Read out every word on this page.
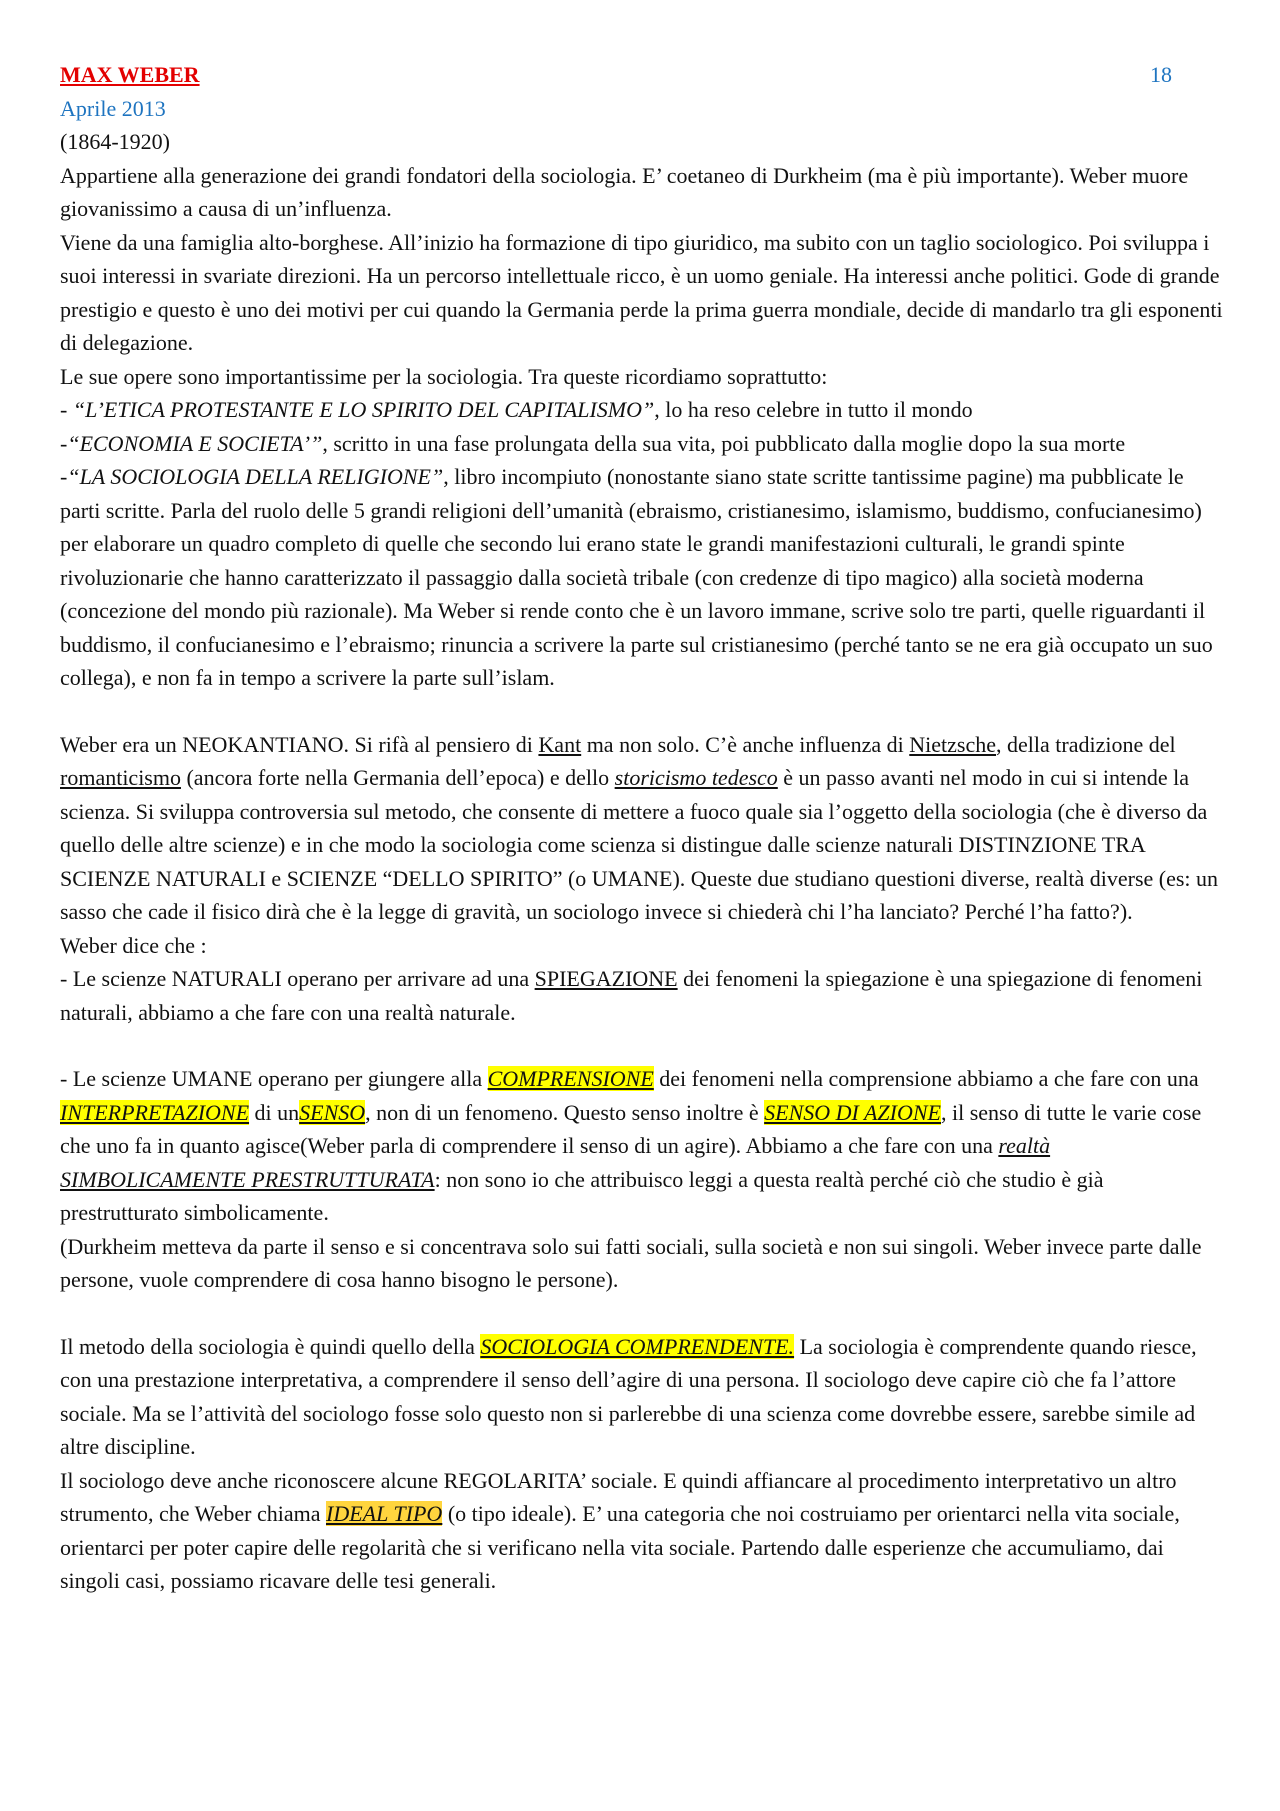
18

MAX WEBER

Aprile 2013

(1864-1920)

Appartiene alla generazione dei grandi fondatori della sociologia. E’ coetaneo di Durkheim (ma è più importante). Weber muore giovanissimo a causa di un’influenza.

Viene da una famiglia alto-borghese. All’inizio ha formazione di tipo giuridico, ma subito con un taglio sociologico. Poi sviluppa i suoi interessi in svariate direzioni. Ha un percorso intellettuale ricco, è un uomo geniale. Ha interessi anche politici. Gode di grande prestigio e questo è uno dei motivi per cui quando la Germania perde la prima guerra mondiale, decide di mandarlo tra gli esponenti di delegazione.

Le sue opere sono importantissime per la sociologia. Tra queste ricordiamo soprattutto:

- “L’ETICA PROTESTANTE E LO SPIRITO DEL CAPITALISMO”, lo ha reso celebre in tutto il mondo

-“ECONOMIA E SOCIETA’”, scritto in una fase prolungata della sua vita, poi pubblicato dalla moglie dopo la sua morte

-“LA SOCIOLOGIA DELLA RELIGIONE”, libro incompiuto (nonostante siano state scritte tantissime pagine) ma pubblicate le parti scritte. Parla del ruolo delle 5 grandi religioni dell’umanità (ebraismo, cristianesimo, islamismo, buddismo, confucianesimo) per elaborare un quadro completo di quelle che secondo lui erano state le grandi manifestazioni culturali, le grandi spinte rivoluzionarie che hanno caratterizzato il passaggio dalla società tribale (con credenze di tipo magico) alla società moderna (concezione del mondo più razionale). Ma Weber si rende conto che è un lavoro immane, scrive solo tre parti, quelle riguardanti il buddismo, il confucianesimo e l’ebraismo; rinuncia a scrivere la parte sul cristianesimo (perché tanto se ne era già occupato un suo collega), e non fa in tempo a scrivere la parte sull’islam.

Weber era un NEOKANTIANO. Si rifà al pensiero di Kant ma non solo. C’è anche influenza di Nietzsche, della tradizione del romanticismo (ancora forte nella Germania dell’epoca) e dello storicismo tedesco è un passo avanti nel modo in cui si intende la scienza. Si sviluppa controversia sul metodo, che consente di mettere a fuoco quale sia l’oggetto della sociologia (che è diverso da quello delle altre scienze) e in che modo la sociologia come scienza si distingue dalle scienze naturali DISTINZIONE TRA SCIENZE NATURALI e SCIENZE “DELLO SPIRITO” (o UMANE). Queste due studiano questioni diverse, realtà diverse (es: un sasso che cade il fisico dirà che è la legge di gravità, un sociologo invece si chiederà chi l’ha lanciato? Perché l’ha fatto?).

Weber dice che :

- Le scienze NATURALI operano per arrivare ad una SPIEGAZIONE dei fenomeni la spiegazione è una spiegazione di fenomeni naturali, abbiamo a che fare con una realtà naturale.

- Le scienze UMANE operano per giungere alla COMPRENSIONE dei fenomeni nella comprensione abbiamo a che fare con una INTERPRETAZIONE di unSENSO, non di un fenomeno. Questo senso inoltre è SENSO DI AZIONE, il senso di tutte le varie cose che uno fa in quanto agisce(Weber parla di comprendere il senso di un agire). Abbiamo a che fare con una realtà SIMBOLICAMENTE PRESTRUTTURATA: non sono io che attribuisco leggi a questa realtà perché ciò che studio è già prestrutturato simbolicamente.

(Durkheim metteva da parte il senso e si concentrava solo sui fatti sociali, sulla società e non sui singoli. Weber invece parte dalle persone, vuole comprendere di cosa hanno bisogno le persone).

Il metodo della sociologia è quindi quello della SOCIOLOGIA COMPRENDENTE. La sociologia è comprendente quando riesce, con una prestazione interpretativa, a comprendere il senso dell’agire di una persona. Il sociologo deve capire ciò che fa l’attore sociale. Ma se l’attività del sociologo fosse solo questo non si parlerebbe di una scienza come dovrebbe essere, sarebbe simile ad altre discipline.

Il sociologo deve anche riconoscere alcune REGOLARITA’ sociale. E quindi affiancare al procedimento interpretativo un altro strumento, che Weber chiama IDEAL TIPO (o tipo ideale). E’ una categoria che noi costruiamo per orientarci nella vita sociale, orientarci per poter capire delle regolarità che si verificano nella vita sociale. Partendo dalle esperienze che accumuliamo, dai singoli casi, possiamo ricavare delle tesi generali.
